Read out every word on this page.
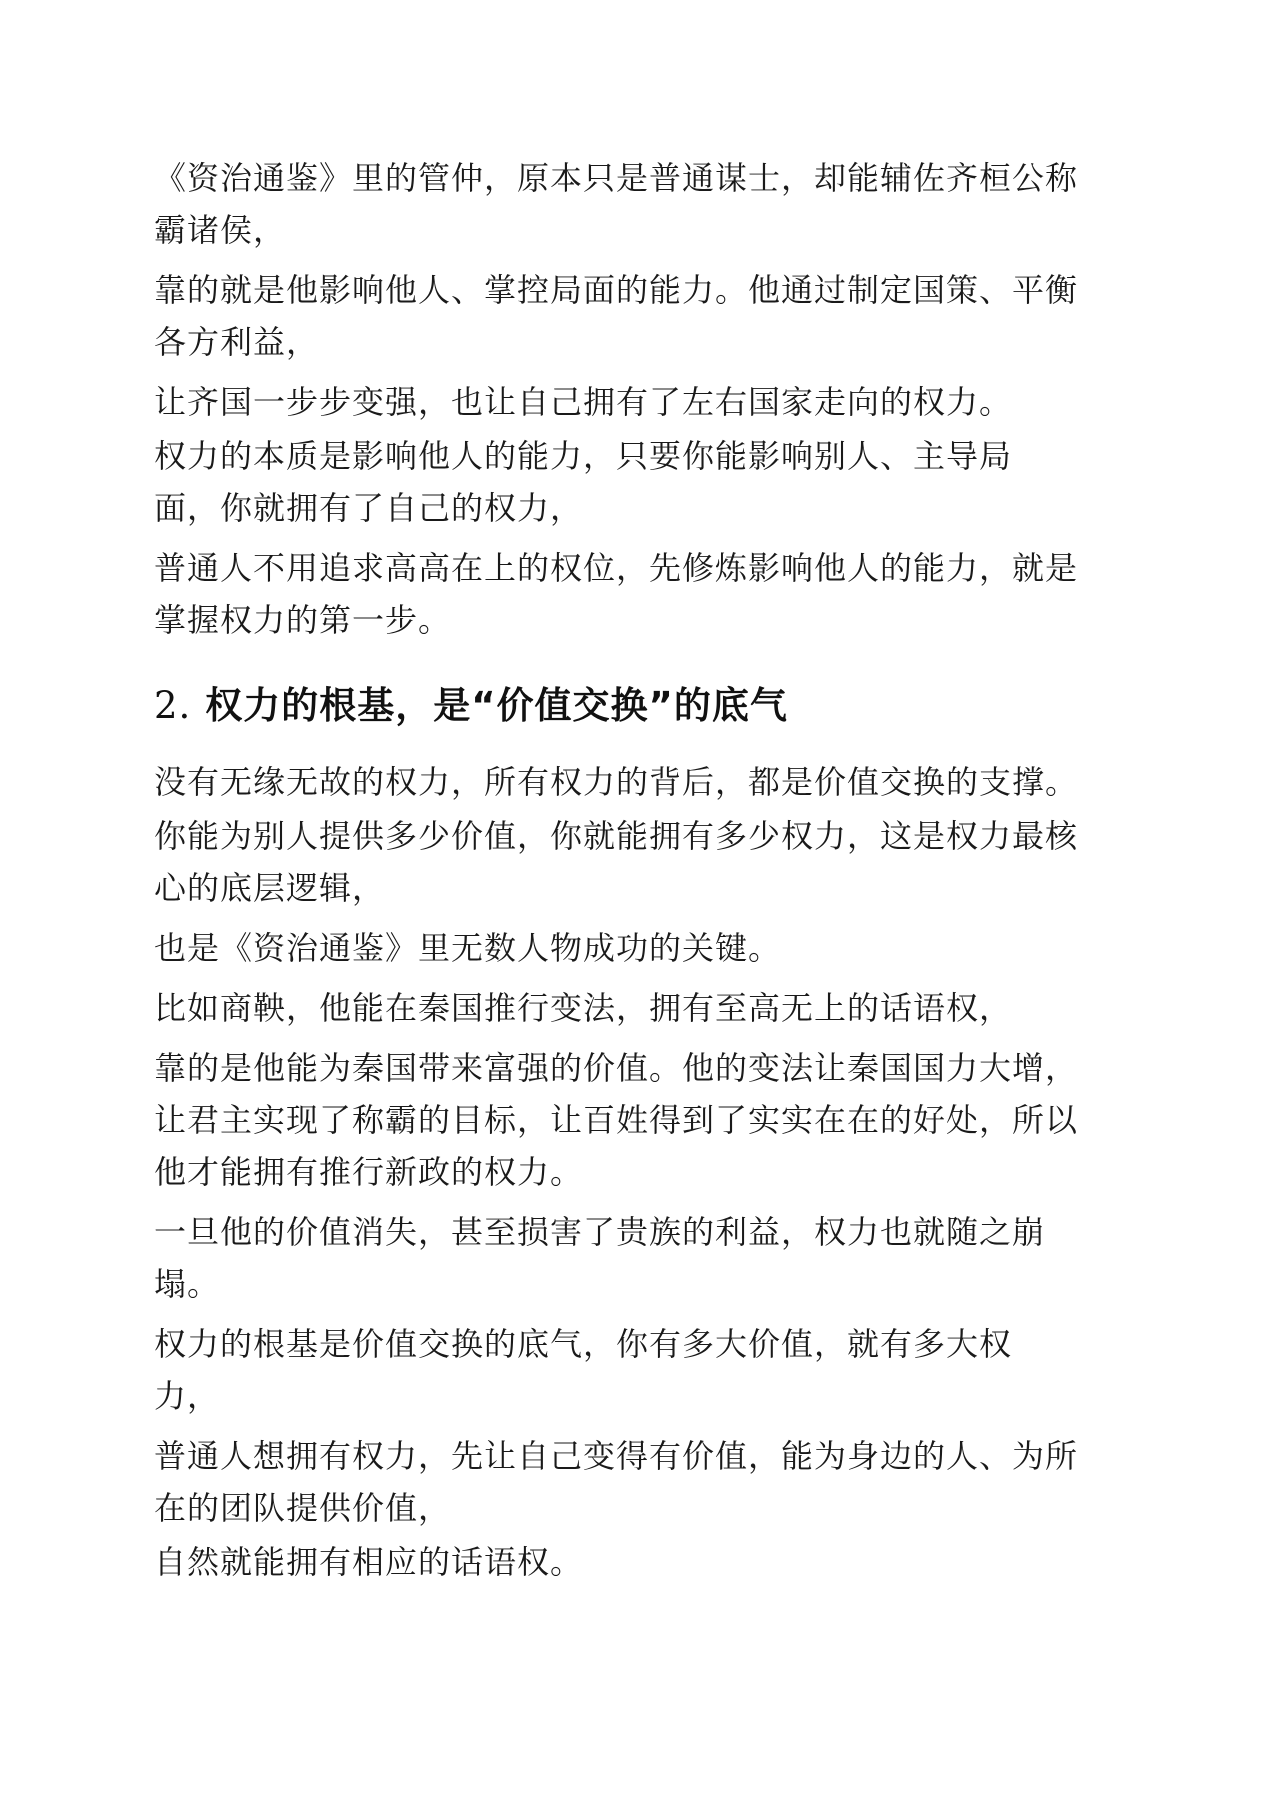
《资治通鉴》里的管仲，原本只是普通谋士，却能辅佐齐桓公称
霸诸侯，

靠的就是他影响他人、掌控局面的能力。他通过制定国策、平衡
各方利益，

让齐国一步步变强，也让自己拥有了左右国家走向的权力。

权力的本质是影响他人的能力，只要你能影响别人、主导局
面，你就拥有了自己的权力，

普通人不用追求高高在上的权位，先修炼影响他人的能力，就是
掌握权力的第一步。

2. 权力的根基，是“价值交换”的底气

没有无缘无故的权力，所有权力的背后，都是价值交换的支撑。

你能为别人提供多少价值，你就能拥有多少权力，这是权力最核
心的底层逻辑，

也是《资治通鉴》里无数人物成功的关键。

比如商鞅，他能在秦国推行变法，拥有至高无上的话语权，

靠的是他能为秦国带来富强的价值。他的变法让秦国国力大增，
让君主实现了称霸的目标，让百姓得到了实实在在的好处，所以
他才能拥有推行新政的权力。

一旦他的价值消失，甚至损害了贵族的利益，权力也就随之崩
塌。

权力的根基是价值交换的底气，你有多大价值，就有多大权
力，

普通人想拥有权力，先让自己变得有价值，能为身边的人、为所
在的团队提供价值，

自然就能拥有相应的话语权。
